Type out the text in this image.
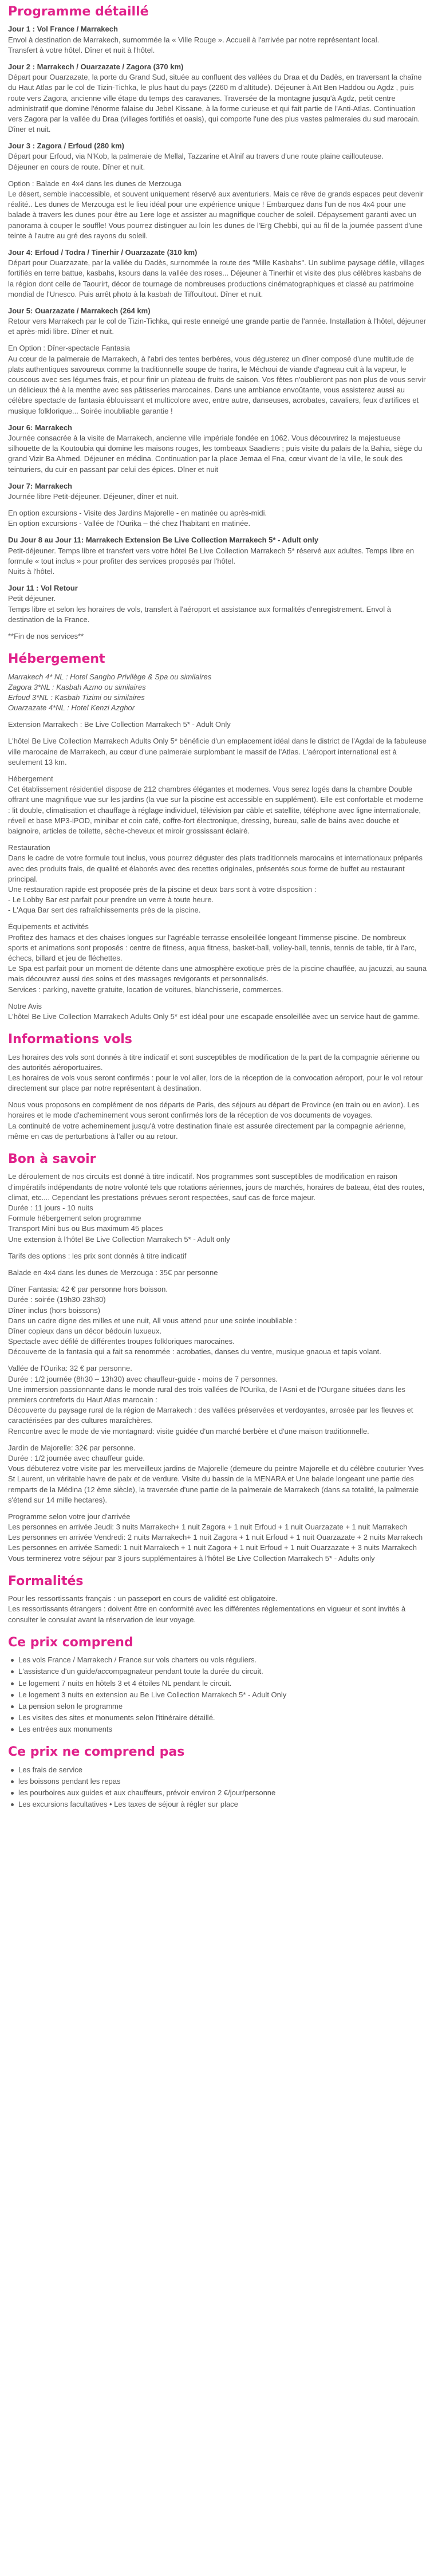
Programme détaillé
Jour 1 : Vol France / Marrakech
Envol à destination de Marrakech, surnommée la « Ville Rouge ». Accueil à l'arrivée par notre représentant local.
Transfert à votre hôtel. Dîner et nuit à l'hôtel.
Jour 2 : Marrakech / Ouarzazate / Zagora (370 km)
Départ pour Ouarzazate, la porte du Grand Sud, située au confluent des vallées du Draa et du Dadès, en traversant la chaîne du Haut Atlas par le col de Tizin-Tichka, le plus haut du pays (2260 m d'altitude). Déjeuner à Aït Ben Haddou ou Agdz , puis route vers Zagora, ancienne ville étape du temps des caravanes. Traversée de la montagne jusqu'à Agdz, petit centre administratif que domine l'énorme falaise du Jebel Kissane, à la forme curieuse et qui fait partie de l'Anti-Atlas. Continuation vers Zagora par la vallée du Draa (villages fortifiés et oasis), qui comporte l'une des plus vastes palmeraies du sud marocain. Dîner et nuit.
Jour 3 : Zagora / Erfoud (280 km)
Départ pour Erfoud, via N'Kob, la palmeraie de Mellal, Tazzarine et Alnif au travers d'une route plaine caillouteuse.
Déjeuner en cours de route. Dîner et nuit.
Option : Balade en 4x4 dans les dunes de Merzouga
Le désert, semble inaccessible, et souvent uniquement réservé aux aventuriers. Mais ce rêve de grands espaces peut devenir réalité.. Les dunes de Merzouga est le lieu idéal pour une expérience unique ! Embarquez dans l'un de nos 4x4 pour une balade à travers les dunes pour être au 1ere loge et assister au magnifique coucher de soleil. Dépaysement garanti avec un panorama à couper le souffle! Vous pourrez distinguer au loin les dunes de l'Erg Chebbi, qui au fil de la journée passent d'une teinte à l'autre au gré des rayons du soleil.
Jour 4: Erfoud / Todra / Tinerhir / Ouarzazate (310 km)
Départ pour Ouarzazate, par la vallée du Dadès, surnommée la route des "Mille Kasbahs". Un sublime paysage défile, villages fortifiés en terre battue, kasbahs, ksours dans la vallée des roses... Déjeuner à Tinerhir et visite des plus célèbres kasbahs de la région dont celle de Taourirt, décor de tournage de nombreuses productions cinématographiques et classé au patrimoine mondial de l'Unesco. Puis arrêt photo à la kasbah de Tiffoultout. Dîner et nuit.
Jour 5: Ouarzazate / Marrakech (264 km)
Retour vers Marrakech par le col de Tizin-Tichka, qui reste enneigé une grande partie de l'année. Installation à l'hôtel, déjeuner et après-midi libre. Dîner et nuit.
En Option : Dîner-spectacle Fantasia
Au cœur de la palmeraie de Marrakech, à l'abri des tentes berbères, vous dégusterez un dîner composé d'une multitude de plats authentiques savoureux comme la traditionnelle soupe de harira, le Méchoui de viande d'agneau cuit à la vapeur, le couscous avec ses légumes frais, et pour finir un plateau de fruits de saison. Vos fêtes n'oublieront pas non plus de vous servir un délicieux thé à la menthe avec ses pâtisseries marocaines. Dans une ambiance envoûtante, vous assisterez aussi au célèbre spectacle de fantasia éblouissant et multicolore avec, entre autre, danseuses, acrobates, cavaliers, feux d'artifices et musique folklorique... Soirée inoubliable garantie !
Jour 6: Marrakech
Journée consacrée à la visite de Marrakech, ancienne ville impériale fondée en 1062. Vous découvrirez la majestueuse silhouette de la Koutoubia qui domine les maisons rouges, les tombeaux Saadiens ; puis visite du palais de la Bahia, siège du grand Vizir Ba Ahmed. Déjeuner en médina. Continuation par la place Jemaa el Fna, cœur vivant de la ville, le souk des teinturiers, du cuir en passant par celui des épices. Dîner et nuit
Jour 7: Marrakech
Journée libre Petit-déjeuner. Déjeuner, dîner et nuit.
En option excursions - Visite des Jardins Majorelle - en matinée ou après-midi.
En option excursions - Vallée de l'Ourika – thé chez l'habitant en matinée.
Du Jour 8 au Jour 11: Marrakech Extension Be Live Collection Marrakech 5* - Adult only
Petit-déjeuner. Temps libre et transfert vers votre hôtel Be Live Collection Marrakech 5* réservé aux adultes. Temps libre en formule « tout inclus » pour profiter des services proposés par l'hôtel.
Nuits à l'hôtel.
Jour 11 : Vol Retour
Petit déjeuner.
Temps libre et selon les horaires de vols, transfert à l'aéroport et assistance aux formalités d'enregistrement. Envol à destination de la France.
**Fin de nos services**
Hébergement
Marrakech 4* NL : Hotel Sangho Privilège & Spa ou similaires
Zagora 3*NL : Kasbah Azmo ou similaires
Erfoud 3*NL : Kasbah Tizimi ou similaires
Ouarzazate 4*NL : Hotel Kenzi Azghor
Extension Marrakech : Be Live Collection Marrakech 5* - Adult Only
L'hôtel Be Live Collection Marrakech Adults Only 5* bénéficie d'un emplacement idéal dans le district de l'Agdal de la fabuleuse ville marocaine de Marrakech, au cœur d'une palmeraie surplombant le massif de l'Atlas. L'aéroport international est à seulement 13 km.
Hébergement
Cet établissement résidentiel dispose de 212 chambres élégantes et modernes. Vous serez logés dans la chambre Double offrant une magnifique vue sur les jardins (la vue sur la piscine est accessible en supplément). Elle est confortable et moderne : lit double, climatisation et chauffage à réglage individuel, télévision par câble et satellite, téléphone avec ligne internationale, réveil et base MP3-iPOD, minibar et coin café, coffre-fort électronique, dressing, bureau, salle de bains avec douche et baignoire, articles de toilette, sèche-cheveux et miroir grossissant éclairé.
Restauration
Dans le cadre de votre formule tout inclus, vous pourrez déguster des plats traditionnels marocains et internationaux préparés avec des produits frais, de qualité et élaborés avec des recettes originales, présentés sous forme de buffet au restaurant principal.
Une restauration rapide est proposée près de la piscine et deux bars sont à votre disposition :
- Le Lobby Bar est parfait pour prendre un verre à toute heure.
- L'Aqua Bar sert des rafraîchissements près de la piscine.
Équipements et activités
Profitez des hamacs et des chaises longues sur l'agréable terrasse ensoleillée longeant l'immense piscine. De nombreux sports et animations sont proposés : centre de fitness, aqua fitness, basket-ball, volley-ball, tennis, tennis de table, tir à l'arc, échecs, billard et jeu de fléchettes.
Le Spa est parfait pour un moment de détente dans une atmosphère exotique près de la piscine chauffée, au jacuzzi, au sauna mais découvrez aussi des soins et des massages revigorants et personnalisés.
Services : parking, navette gratuite, location de voitures, blanchisserie, commerces.
Notre Avis
L'hôtel Be Live Collection Marrakech Adults Only 5* est idéal pour une escapade ensoleillée avec un service haut de gamme.
Informations vols
Les horaires des vols sont donnés à titre indicatif et sont susceptibles de modification de la part de la compagnie aérienne ou des autorités aéroportuaires.
Les horaires de vols vous seront confirmés : pour le vol aller, lors de la réception de la convocation aéroport, pour le vol retour directement sur place par notre représentant à destination.
Nous vous proposons en complément de nos départs de Paris, des séjours au départ de Province (en train ou en avion). Les horaires et le mode d'acheminement vous seront confirmés lors de la réception de vos documents de voyages.
La continuité de votre acheminement jusqu'à votre destination finale est assurée directement par la compagnie aérienne, même en cas de perturbations à l'aller ou au retour.
Bon à savoir
Le déroulement de nos circuits est donné à titre indicatif. Nos programmes sont susceptibles de modification en raison d'impératifs indépendants de notre volonté tels que rotations aériennes, jours de marchés, horaires de bateau, état des routes, climat, etc.... Cependant les prestations prévues seront respectées, sauf cas de force majeur.
Durée : 11 jours - 10 nuits
Formule hébergement selon programme
Transport Mini bus ou Bus maximum 45 places
Une extension à l'hôtel Be Live Collection Marrakech 5* - Adult only
Tarifs des options : les prix sont donnés à titre indicatif
Balade en 4x4 dans les dunes de Merzouga : 35€ par personne
Dîner Fantasia: 42 € par personne hors boisson.
Durée : soirée (19h30-23h30)
Dîner inclus (hors boissons)
Dans un cadre digne des milles et une nuit, All vous attend pour une soirée inoubliable :
Dîner copieux dans un décor bédouin luxueux.
Spectacle avec défilé de différentes troupes folkloriques marocaines.
Découverte de la fantasia qui a fait sa renommée : acrobaties, danses du ventre, musique gnaoua et tapis volant.
Vallée de l'Ourika: 32 € par personne.
Durée : 1/2 journée (8h30 – 13h30) avec chauffeur-guide - moins de 7 personnes.
Une immersion passionnante dans le monde rural des trois vallées de l'Ourika, de l'Asni et de l'Ourgane situées dans les premiers contreforts du Haut Atlas marocain :
Découverte du paysage rural de la région de Marrakech : des vallées préservées et verdoyantes, arrosée par les fleuves et caractérisées par des cultures maraîchères.
Rencontre avec le mode de vie montagnard: visite guidée d'un marché berbère et d'une maison traditionnelle.
Jardin de Majorelle: 32€ par personne.
Durée : 1/2 journée avec chauffeur guide.
Vous débuterez votre visite par les merveilleux jardins de Majorelle (demeure du peintre Majorelle et du célèbre couturier Yves St Laurent, un véritable havre de paix et de verdure. Visite du bassin de la MENARA et Une balade longeant une partie des remparts de la Médina (12 ème siècle), la traversée d'une partie de la palmeraie de Marrakech (dans sa totalité, la palmeraie s'étend sur 14 mille hectares).
Programme selon votre jour d'arrivée
Les personnes en arrivée Jeudi: 3 nuits Marrakech+ 1 nuit Zagora + 1 nuit Erfoud + 1 nuit Ouarzazate + 1 nuit Marrakech
Les personnes en arrivée Vendredi: 2 nuits Marrakech+ 1 nuit Zagora + 1 nuit Erfoud + 1 nuit Ouarzazate + 2 nuits Marrakech
Les personnes en arrivée Samedi: 1 nuit Marrakech + 1 nuit Zagora + 1 nuit Erfoud + 1 nuit Ouarzazate + 3 nuits Marrakech
Vous terminerez votre séjour par 3 jours supplémentaires à l'hôtel Be Live Collection Marrakech 5* - Adults only
Formalités
Pour les ressortissants français : un passeport en cours de validité est obligatoire.
Les ressortissants étrangers : doivent être en conformité avec les différentes réglementations en vigueur et sont invités à consulter le consulat avant la réservation de leur voyage.
Ce prix comprend
Les vols France / Marrakech / France sur vols charters ou vols réguliers.
L'assistance d'un guide/accompagnateur pendant toute la durée du circuit.
Le logement 7 nuits en hôtels 3 et 4 étoiles NL pendant le circuit.
Le logement 3 nuits en extension au Be Live Collection Marrakech 5* - Adult Only
La pension selon le programme
Les visites des sites et monuments selon l'itinéraire détaillé.
Les entrées aux monuments
Ce prix ne comprend pas
Les frais de service
les boissons pendant les repas
les pourboires aux guides et aux chauffeurs, prévoir environ 2 €/jour/personne
Les excursions facultatives • Les taxes de séjour à régler sur place
